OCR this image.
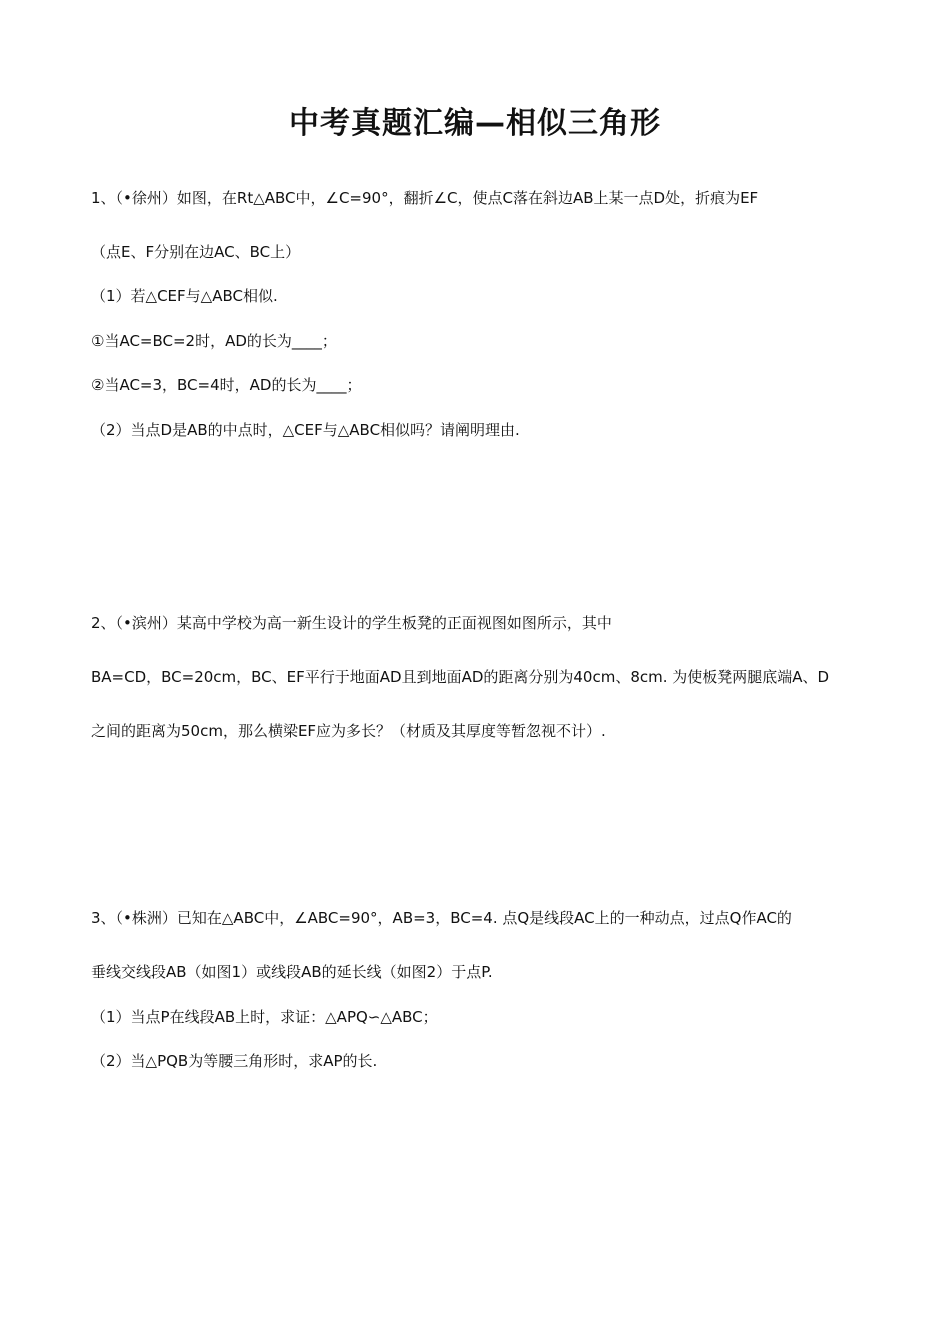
中考真题汇编—相似三角形

1、（•徐州）如图，在Rt△ABC中，∠C=90°，翻折∠C，使点C落在斜边AB上某一点D处，折痕为EF

（点E、F分别在边AC、BC上）

（1）若△CEF与△ABC相似.

①当AC=BC=2时，AD的长为____；

②当AC=3，BC=4时，AD的长为____；

（2）当点D是AB的中点时，△CEF与△ABC相似吗？请阐明理由.

2、（•滨州）某高中学校为高一新生设计的学生板凳的正面视图如图所示，其中

BA=CD，BC=20cm，BC、EF平行于地面AD且到地面AD的距离分别为40cm、8cm. 为使板凳两腿底端A、D

之间的距离为50cm，那么横梁EF应为多长？（材质及其厚度等暂忽视不计）.

3、（•株洲）已知在△ABC中，∠ABC=90°，AB=3，BC=4. 点Q是线段AC上的一种动点，过点Q作AC的

垂线交线段AB（如图1）或线段AB的延长线（如图2）于点P.

（1）当点P在线段AB上时，求证：△APQ∽△ABC；

（2）当△PQB为等腰三角形时，求AP的长.
